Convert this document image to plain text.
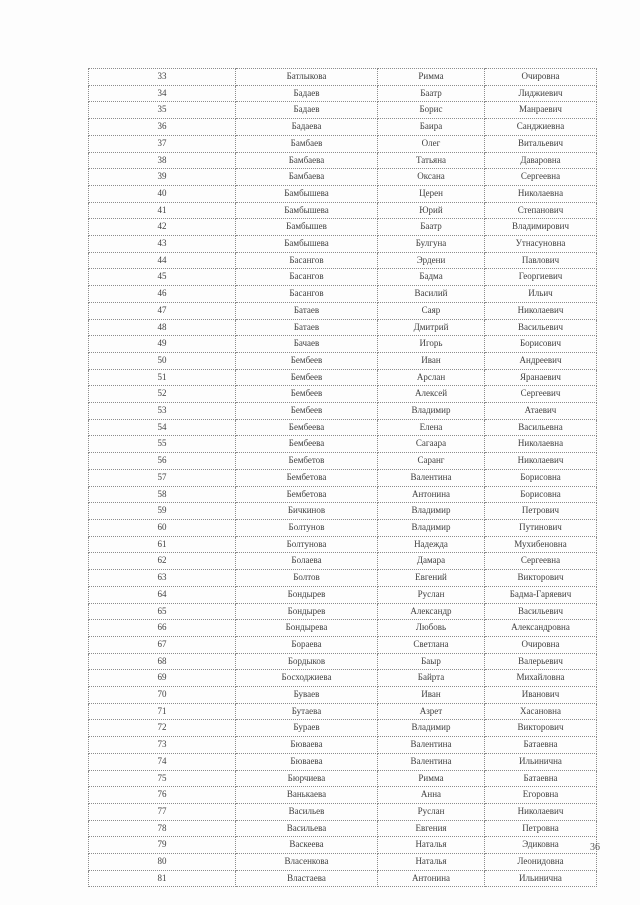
33	Батлыкова	Римма	Очировна
34	Бадаев	Баатр	Лиджиевич
35	Бадаев	Борис	Манраевич
36	Бадаева	Баира	Санджиевна
37	Бамбаев	Олег	Витальевич
38	Бамбаева	Татьяна	Даваровна
39	Бамбаева	Оксана	Сергеевна
40	Бамбышева	Церен	Николаевна
41	Бамбышева	Юрий	Степанович
42	Бамбышев	Баатр	Владимирович
43	Бамбышева	Булгуна	Утнасуновна
44	Басангов	Эрдени	Павлович
45	Басангов	Бадма	Георгиевич
46	Басангов	Василий	Ильич
47	Батаев	Саяр	Николаевич
48	Батаев	Дмитрий	Васильевич
49	Бачаев	Игорь	Борисович
50	Бембеев	Иван	Андреевич
51	Бембеев	Арслан	Яранаевич
52	Бембеев	Алексей	Сергеевич
53	Бембеев	Владимир	Атаевич
54	Бембеева	Елена	Васильевна
55	Бембеева	Сагаара	Николаевна
56	Бембетов	Саранг	Николаевич
57	Бембетова	Валентина	Борисовна
58	Бембетова	Антонина	Борисовна
59	Бичкинов	Владимир	Петрович
60	Болтунов	Владимир	Путинович
61	Болтунова	Надежда	Мухибеновна
62	Болаева	Дамара	Сергеевна
63	Болтов	Евгений	Викторович
64	Бондырев	Руслан	Бадма-Гаряевич
65	Бондырев	Александр	Васильевич
66	Бондырева	Любовь	Александровна
67	Бораева	Светлана	Очировна
68	Бордыков	Баыр	Валерьевич
69	Босходжиева	Байрта	Михайловна
70	Буваев	Иван	Иванович
71	Бутаева	Азрет	Хасановна
72	Бураев	Владимир	Викторович
73	Бюваева	Валентина	Батаевна
74	Бюваева	Валентина	Ильинична
75	Бюрчиева	Римма	Батаевна
76	Ванькаева	Анна	Егоровна
77	Васильев	Руслан	Николаевич
78	Васильева	Евгения	Петровна
79	Васкеева	Наталья	Эдиковна
80	Власенкова	Наталья	Леонидовна
81	Властаева	Антонина	Ильинична
36
